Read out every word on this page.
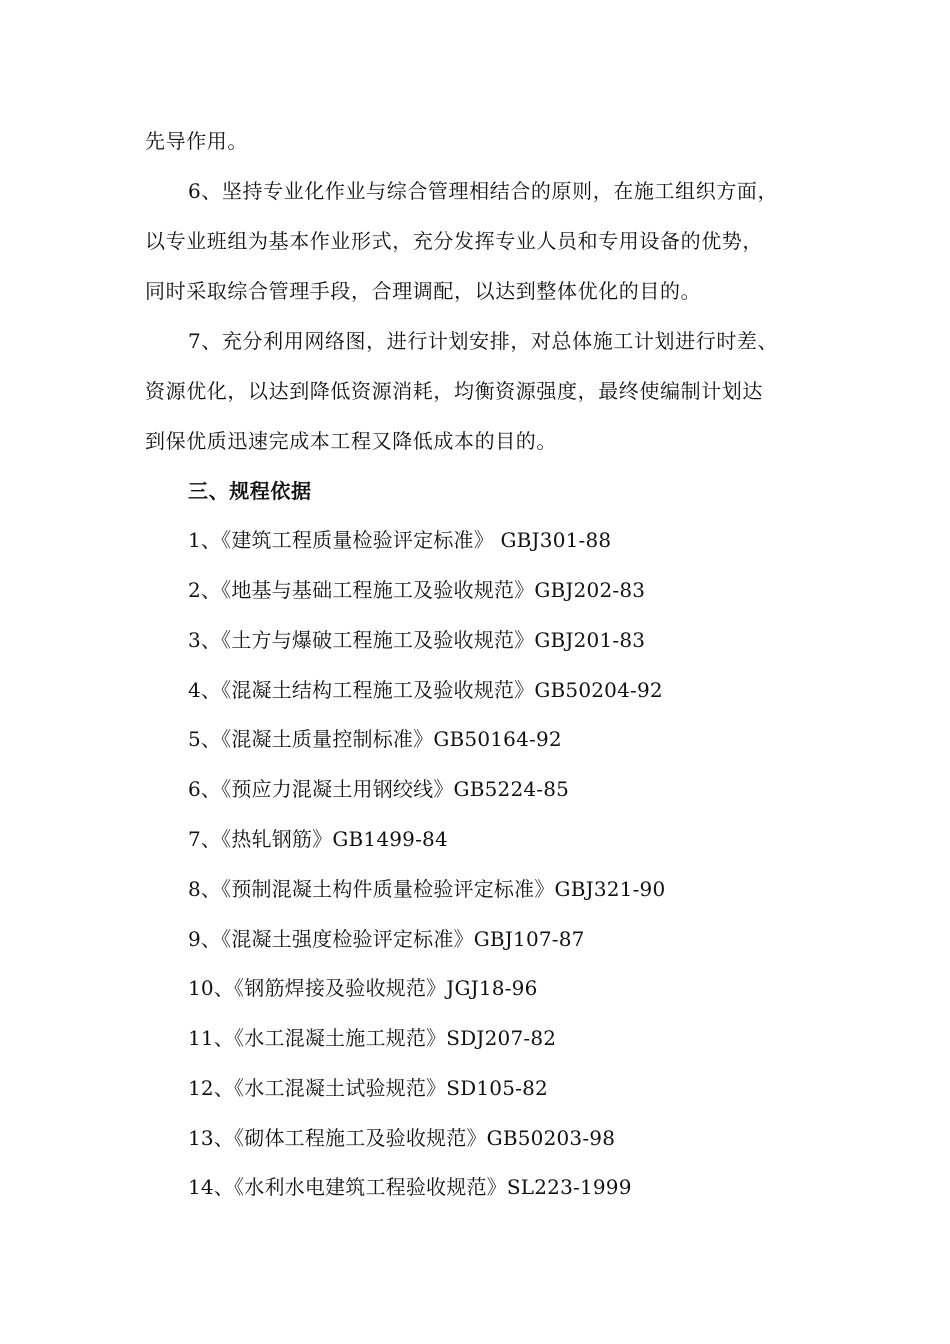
先导作用。
6、坚持专业化作业与综合管理相结合的原则，在施工组织方面，
以专业班组为基本作业形式，充分发挥专业人员和专用设备的优势，
同时采取综合管理手段，合理调配，以达到整体优化的目的。
7、充分利用网络图，进行计划安排，对总体施工计划进行时差、
资源优化，以达到降低资源消耗，均衡资源强度，最终使编制计划达
到保优质迅速完成本工程又降低成本的目的。
三、规程依据
1、《建筑工程质量检验评定标准》 GBJ301-88
2、《地基与基础工程施工及验收规范》GBJ202-83
3、《土方与爆破工程施工及验收规范》GBJ201-83
4、《混凝土结构工程施工及验收规范》GB50204-92
5、《混凝土质量控制标准》GB50164-92
6、《预应力混凝土用钢绞线》GB5224-85
7、《热轧钢筋》GB1499-84
8、《预制混凝土构件质量检验评定标准》GBJ321-90
9、《混凝土强度检验评定标准》GBJ107-87
10、《钢筋焊接及验收规范》JGJ18-96
11、《水工混凝土施工规范》SDJ207-82
12、《水工混凝土试验规范》SD105-82
13、《砌体工程施工及验收规范》GB50203-98
14、《水利水电建筑工程验收规范》SL223-1999
